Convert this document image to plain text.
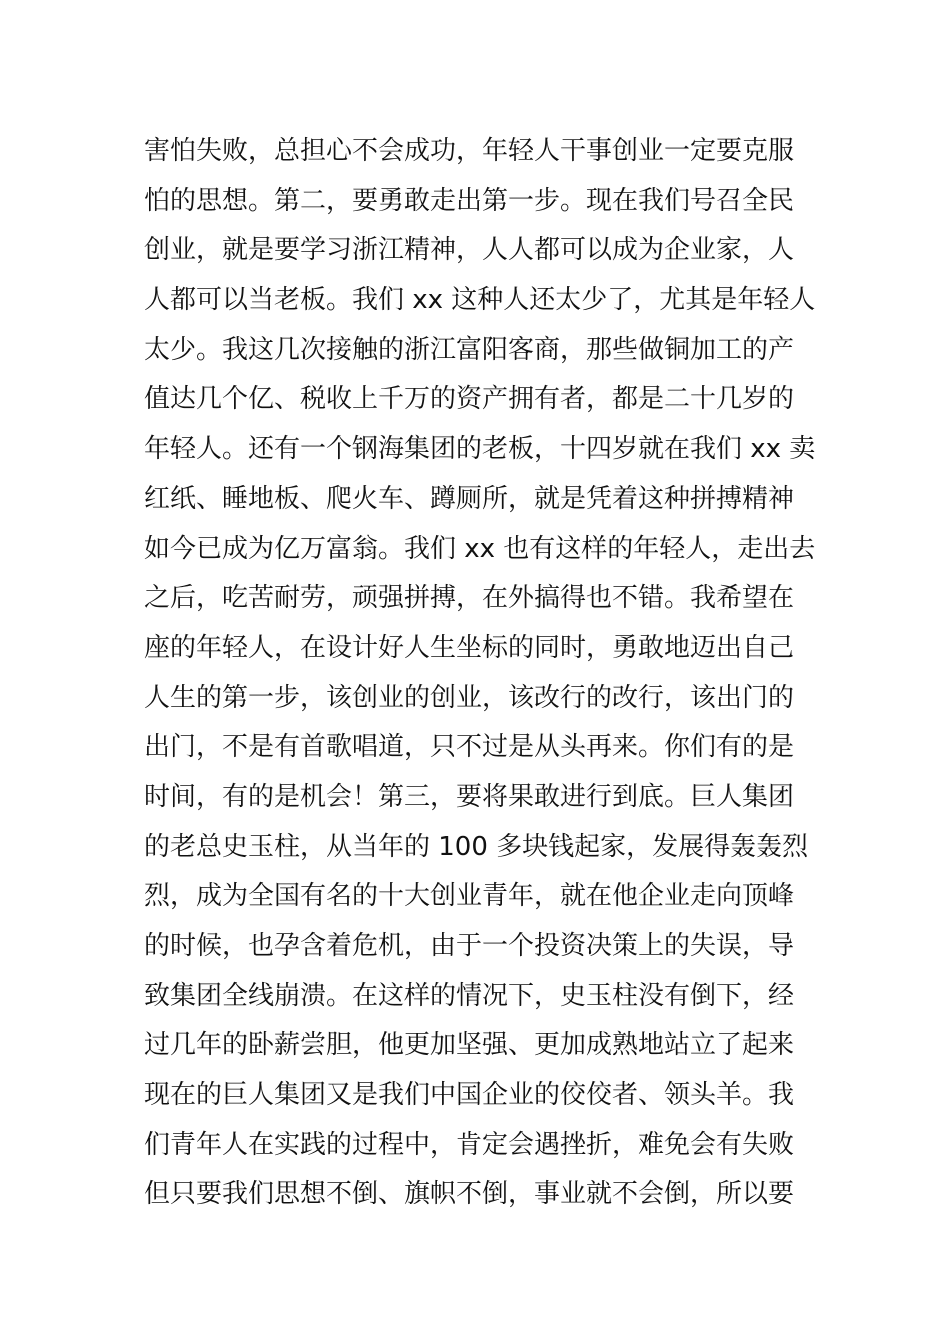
害怕失败，总担心不会成功，年轻人干事创业一定要克服
怕的思想。第二，要勇敢走出第一步。现在我们号召全民
创业，就是要学习浙江精神，人人都可以成为企业家，人
人都可以当老板。我们 xx 这种人还太少了，尤其是年轻人
太少。我这几次接触的浙江富阳客商，那些做铜加工的产
值达几个亿、税收上千万的资产拥有者，都是二十几岁的
年轻人。还有一个钢海集团的老板，十四岁就在我们 xx 卖
红纸、睡地板、爬火车、蹲厕所，就是凭着这种拼搏精神
如今已成为亿万富翁。我们 xx 也有这样的年轻人，走出去
之后，吃苦耐劳，顽强拼搏，在外搞得也不错。我希望在
座的年轻人，在设计好人生坐标的同时，勇敢地迈出自己
人生的第一步，该创业的创业，该改行的改行，该出门的
出门，不是有首歌唱道，只不过是从头再来。你们有的是
时间，有的是机会！第三，要将果敢进行到底。巨人集团
的老总史玉柱，从当年的 100 多块钱起家，发展得轰轰烈
烈，成为全国有名的十大创业青年，就在他企业走向顶峰
的时候，也孕含着危机，由于一个投资决策上的失误，导
致集团全线崩溃。在这样的情况下，史玉柱没有倒下，经
过几年的卧薪尝胆，他更加坚强、更加成熟地站立了起来
现在的巨人集团又是我们中国企业的佼佼者、领头羊。我
们青年人在实践的过程中，肯定会遇挫折，难免会有失败
但只要我们思想不倒、旗帜不倒，事业就不会倒，所以要
